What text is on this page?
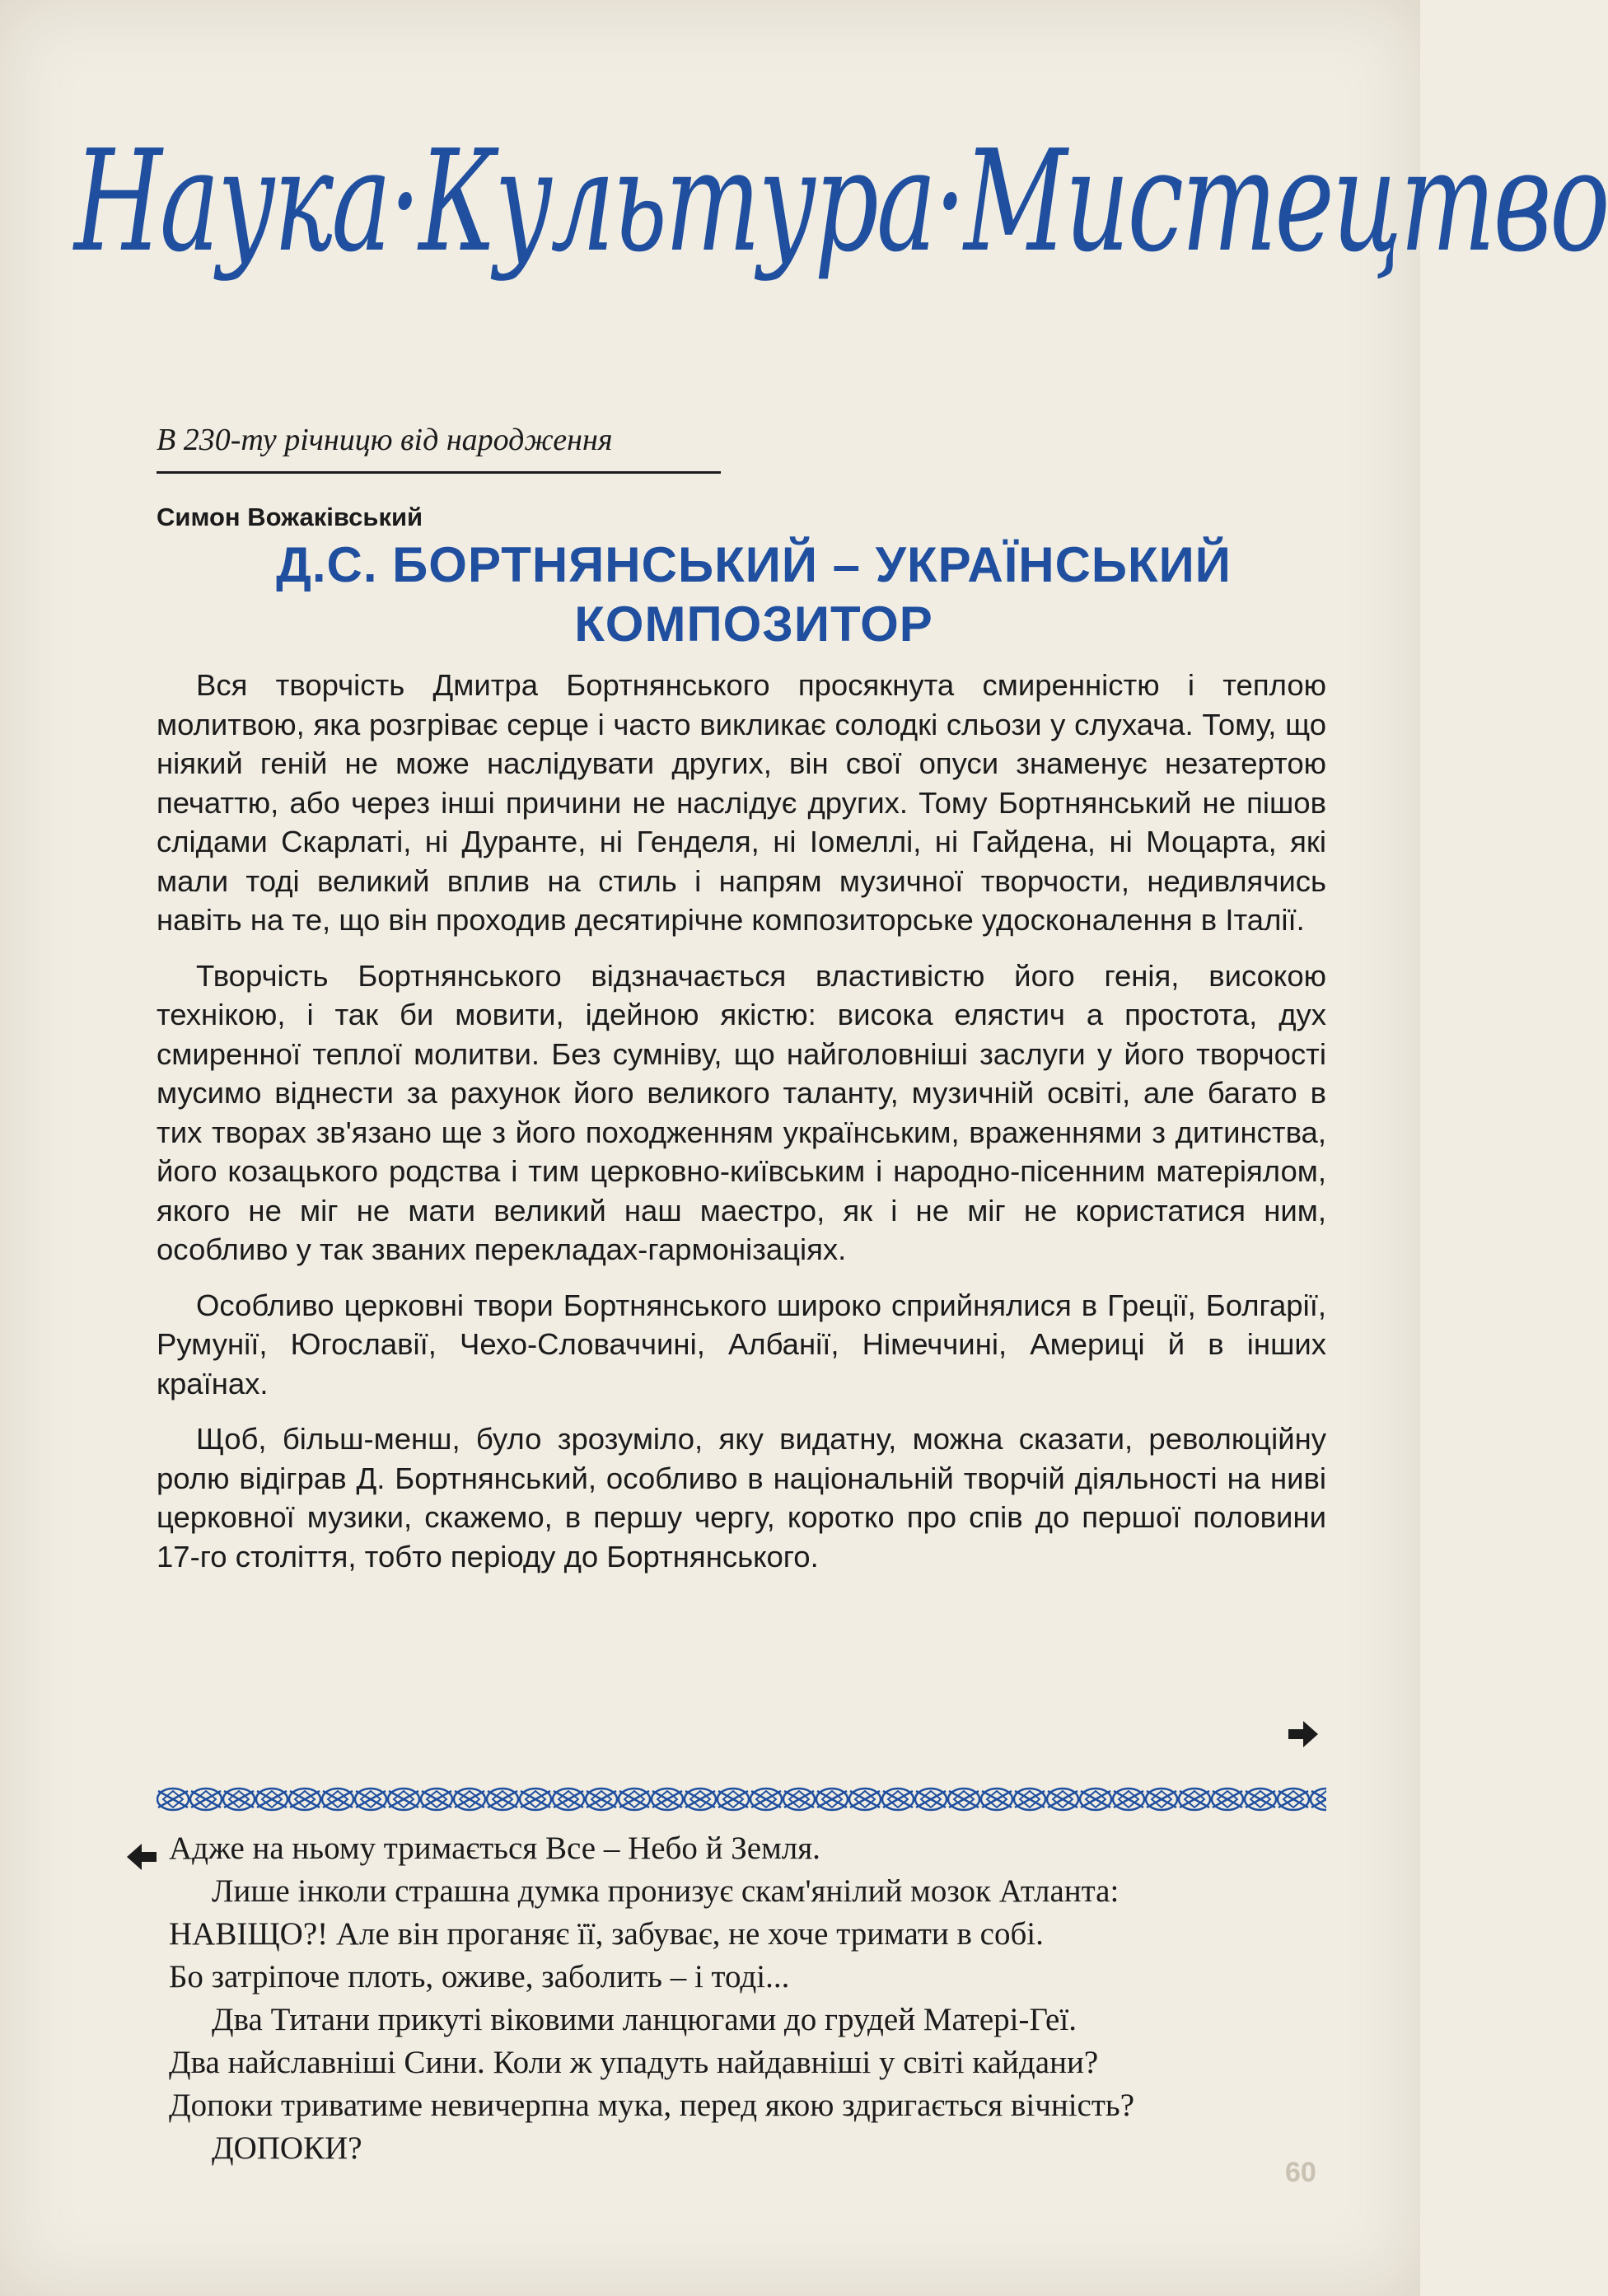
Наука·Культура·Мистецтво
В 230-ту річницю від народження
Симон Вожаківський
Д.С. БОРТНЯНСЬКИЙ – УКРАЇНСЬКИЙ
КОМПОЗИТОР

Вся творчість Дмитра Бортнянського просякнута смиренністю і теплою молитвою, яка розгріває серце і часто викликає солодкі сльози у слухача. Тому, що ніякий геній не може наслідувати других, він свої опуси знаменує незатертою печаттю, або через інші причини не наслідує других. Тому Бортнянський не пішов слідами Скарлаті, ні Дуранте, ні Генделя, ні Іомеллі, ні Гайдена, ні Моцарта, які мали тоді великий вплив на стиль і напрям музичної творчости, недивлячись навіть на те, що він проходив десятирічне композиторське удосконалення в Італії.

Творчість Бортнянського відзначається властивістю його генія, високою технікою, і так би мовити, ідейною якістю: висока елястич а простота, дух смиренної теплої молитви. Без сумніву, що найголовніші заслуги у його творчості мусимо віднести за рахунок його великого таланту, музичній освіті, але багато в тих творах зв'язано ще з його походженням українським, враженнями з дитинства, його козацького родства і тим церковно-київським і народно-пісенним матеріялом, якого не міг не мати великий наш маестро, як і не міг не користатися ним, особливо у так званих перекладах-гармонізаціях.

Особливо церковні твори Бортнянського широко сприйнялися в Греції, Болгарії, Румунії, Югославії, Чехо-Словаччині, Албанії, Німеччині, Америці й в інших країнах.

Щоб, більш-менш, було зрозуміло, яку видатну, можна сказати, революційну ролю відіграв Д. Бортнянський, особливо в національній творчій діяльності на ниві церковної музики, скажемо, в першу чергу, коротко про спів до першої половини 17-го століття, тобто періоду до Бортнянського.

Адже на ньому тримається Все – Небо й Земля.
Лише інколи страшна думка пронизує скам'янілий мозок Атланта:
НАВІЩО?! Але він проганяє її, забуває, не хоче тримати в собі.
Бо затріпоче плоть, оживе, заболить – і тоді...
Два Титани прикуті віковими ланцюгами до грудей Матері-Геї.
Два найславніші Сини. Коли ж упадуть найдавніші у світі кайдани?
Допоки триватиме невичерпна мука, перед якою здригається вічність?
ДОПОКИ?
60
